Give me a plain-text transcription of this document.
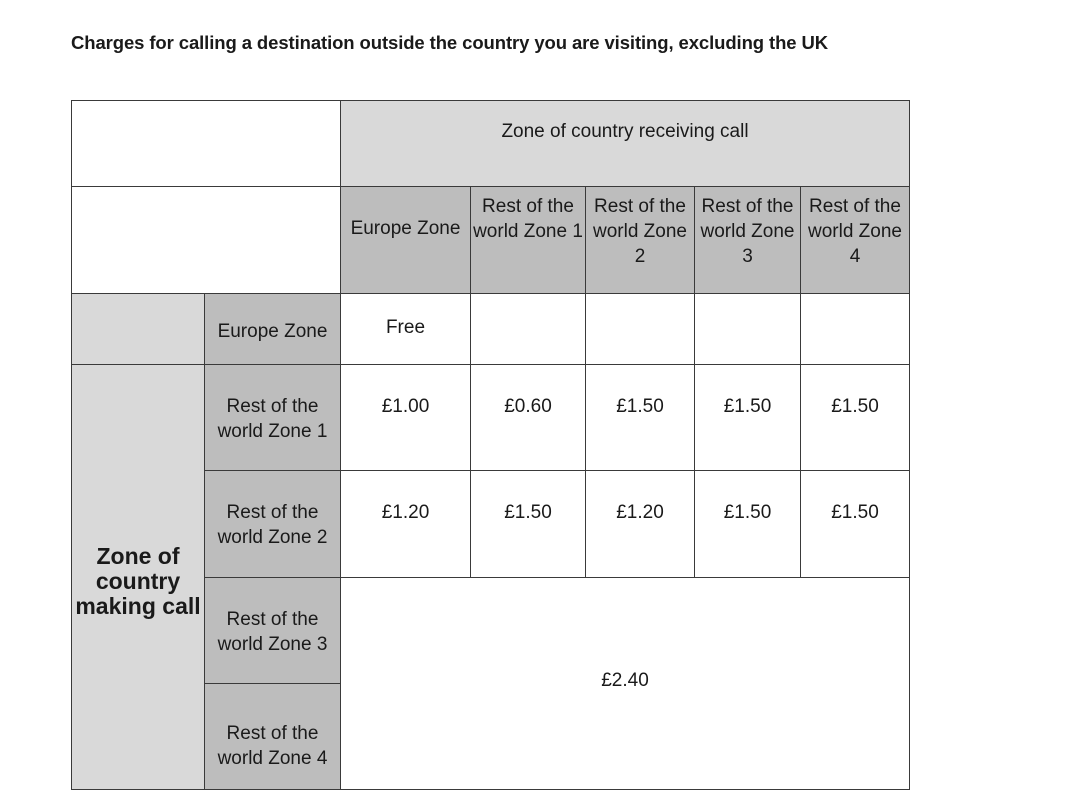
Charges for calling a destination outside the country you are visiting, excluding the UK
		Zone of country receiving call				
		Europe Zone	Rest of the world Zone 1	Rest of the world Zone 2	Rest of the world Zone 3	Rest of the world Zone 4
	Europe Zone	Free				
Zone of country making call	Rest of the world Zone 1	£1.00	£0.60	£1.50	£1.50	£1.50
	Rest of the world Zone 2	£1.20	£1.50	£1.20	£1.50	£1.50
	Rest of the world Zone 3	£2.40				
	Rest of the world Zone 4					
